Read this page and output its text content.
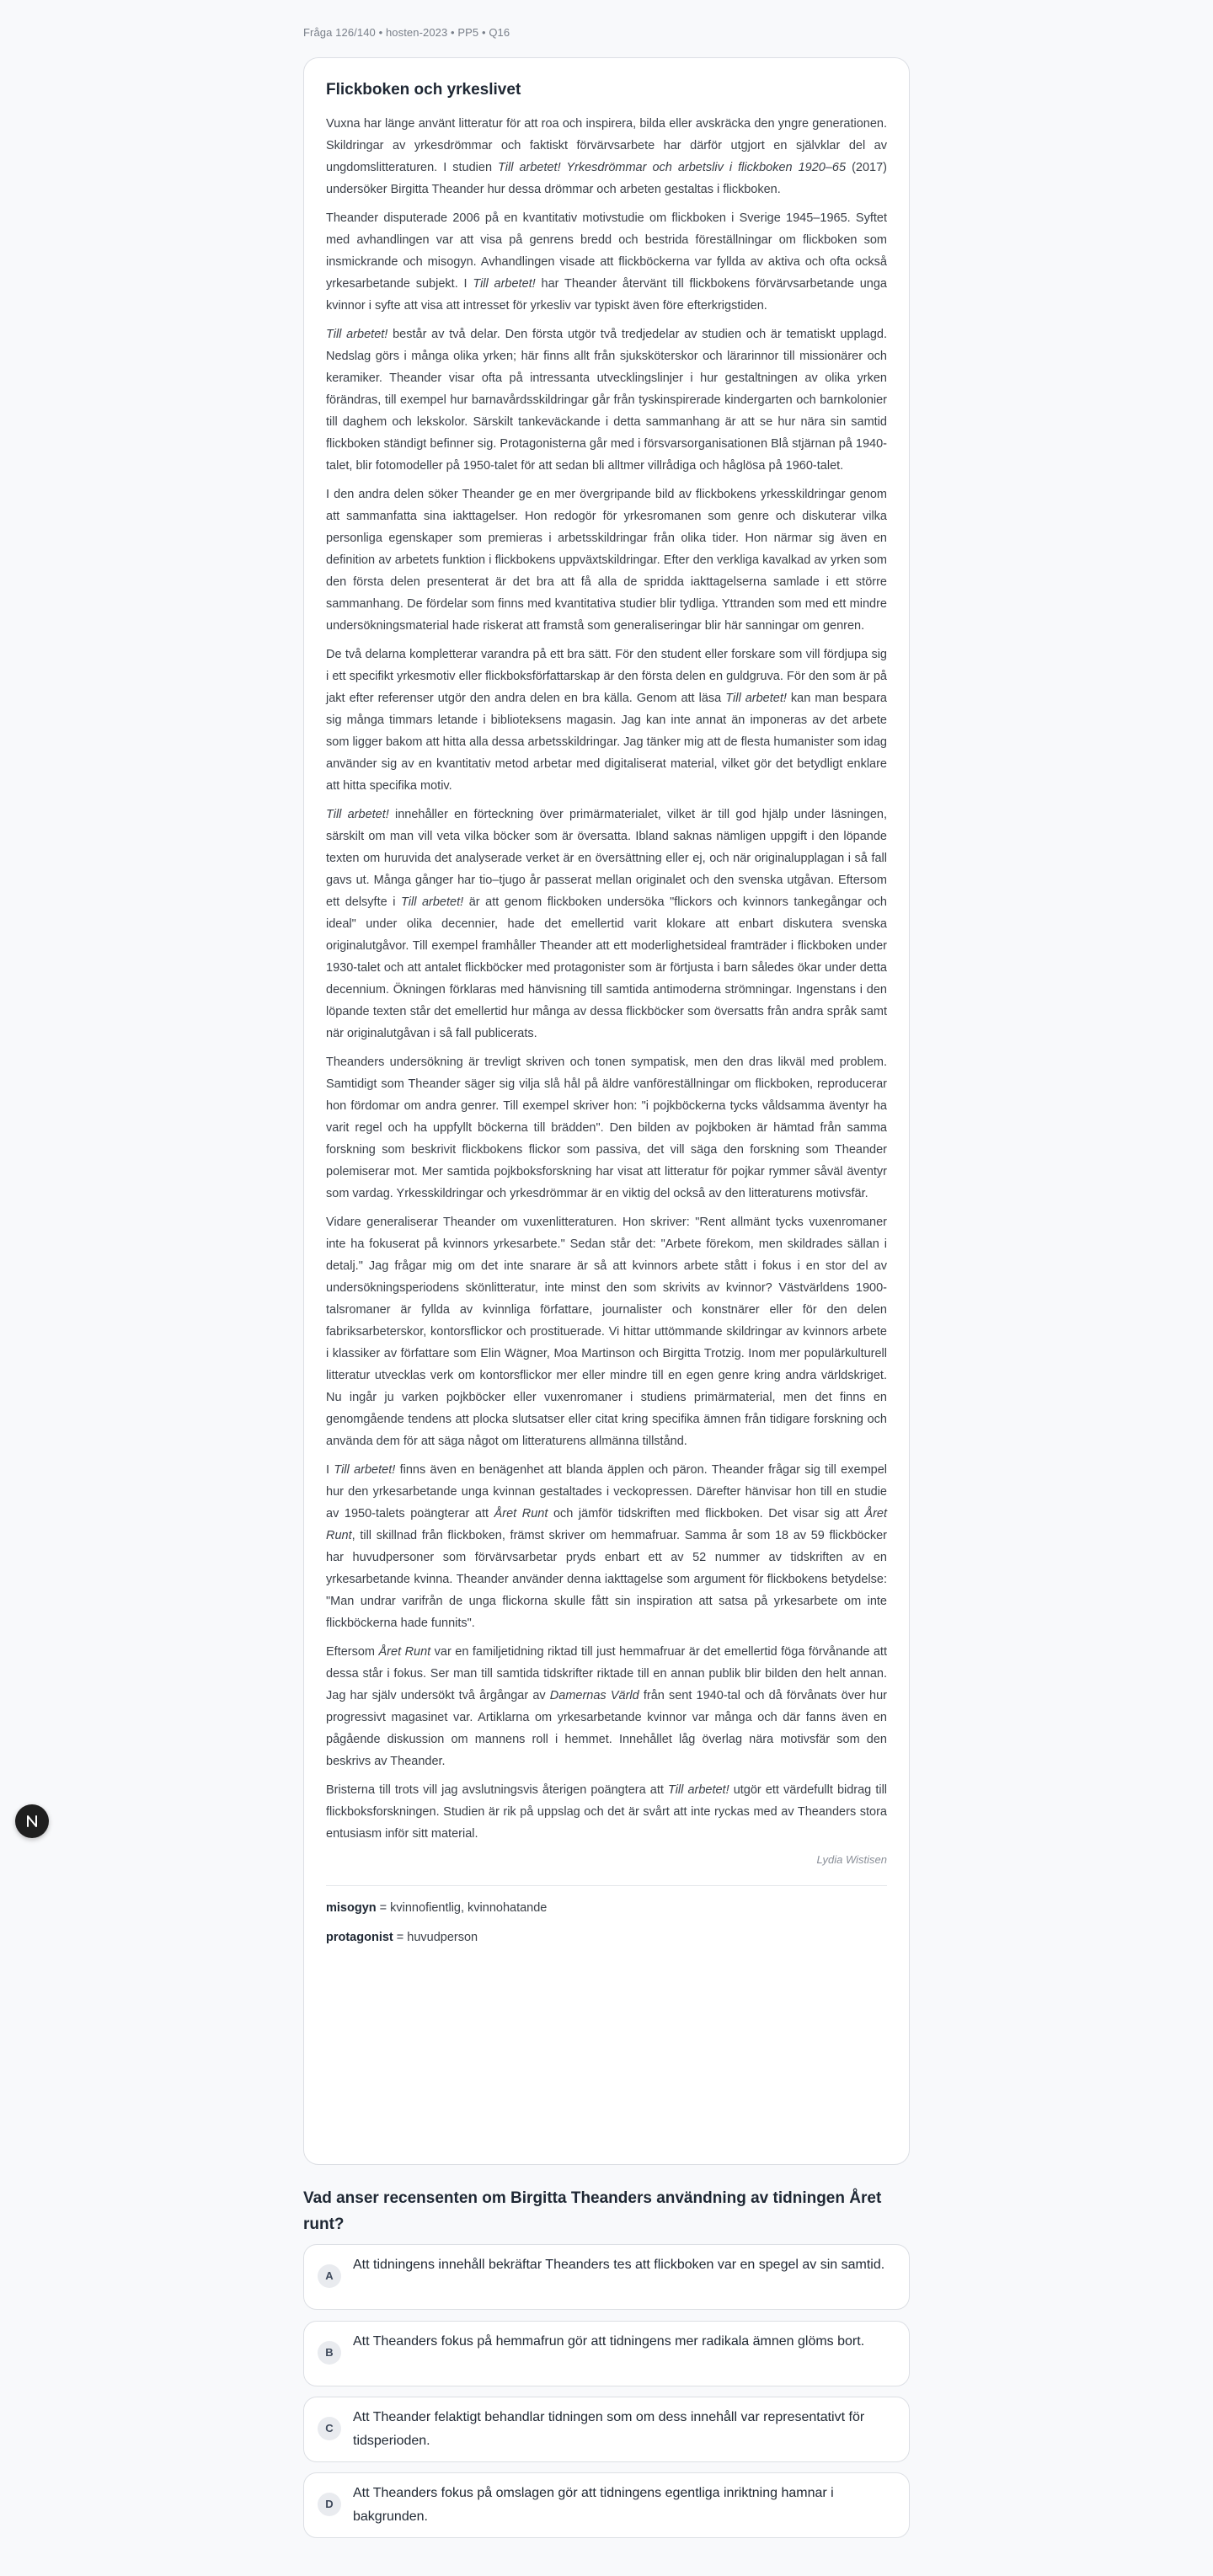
Fråga 126/140 • hosten-2023 • PP5 • Q16
Flickboken och yrkeslivet

Vuxna har länge använt litteratur för att roa och inspirera, bilda eller avskräcka den yngre generationen. Skildringar av yrkesdrömmar och faktiskt förvärvsarbete har därför utgjort en självklar del av ungdomslitteraturen. I studien Till arbetet! Yrkesdrömmar och arbetsliv i flickboken 1920–65 (2017) undersöker Birgitta Theander hur dessa drömmar och arbeten gestaltas i flickboken.

Theander disputerade 2006 på en kvantitativ motivstudie om flickboken i Sverige 1945–1965. Syftet med avhandlingen var att visa på genrens bredd och bestrida föreställningar om flickboken som insmickrande och misogyn. Avhandlingen visade att flickböckerna var fyllda av aktiva och ofta också yrkesarbetande subjekt. I Till arbetet! har Theander återvänt till flickbokens förvärvsarbetande unga kvinnor i syfte att visa att intresset för yrkesliv var typiskt även före efterkrigstiden.

Till arbetet! består av två delar. Den första utgör två tredjedelar av studien och är tematiskt upplagd. Nedslag görs i många olika yrken; här finns allt från sjuksköterskor och lärarinnor till missionärer och keramiker. Theander visar ofta på intressanta utvecklingslinjer i hur gestaltningen av olika yrken förändras, till exempel hur barnavårdsskildringar går från tyskinspirerade kindergarten och barnkolonier till daghem och lekskolor. Särskilt tankeväckande i detta sammanhang är att se hur nära sin samtid flickboken ständigt befinner sig. Protagonisterna går med i försvarsorganisationen Blå stjärnan på 1940-talet, blir fotomodeller på 1950-talet för att sedan bli alltmer villrådiga och håglösa på 1960-talet.

I den andra delen söker Theander ge en mer övergripande bild av flickbokens yrkesskildringar genom att sammanfatta sina iakttagelser. Hon redogör för yrkesromanen som genre och diskuterar vilka personliga egenskaper som premieras i arbetsskildringar från olika tider. Hon närmar sig även en definition av arbetets funktion i flickbokens uppväxtskildringar. Efter den verkliga kavalkad av yrken som den första delen presenterat är det bra att få alla de spridda iakttagelserna samlade i ett större sammanhang. De fördelar som finns med kvantitativa studier blir tydliga. Yttranden som med ett mindre undersökningsmaterial hade riskerat att framstå som generaliseringar blir här sanningar om genren.

De två delarna kompletterar varandra på ett bra sätt. För den student eller forskare som vill fördjupa sig i ett specifikt yrkesmotiv eller flickboksförfattarskap är den första delen en guldgruva. För den som är på jakt efter referenser utgör den andra delen en bra källa. Genom att läsa Till arbetet! kan man bespara sig många timmars letande i biblioteksens magasin. Jag kan inte annat än imponeras av det arbete som ligger bakom att hitta alla dessa arbetsskildringar. Jag tänker mig att de flesta humanister som idag använder sig av en kvantitativ metod arbetar med digitaliserat material, vilket gör det betydligt enklare att hitta specifika motiv.

Till arbetet! innehåller en förteckning över primärmaterialet, vilket är till god hjälp under läsningen, särskilt om man vill veta vilka böcker som är översatta. Ibland saknas nämligen uppgift i den löpande texten om huruvida det analyserade verket är en översättning eller ej, och när originalupplagan i så fall gavs ut. Många gånger har tio–tjugo år passerat mellan originalet och den svenska utgåvan. Eftersom ett delsyfte i Till arbetet! är att genom flickboken undersöka "flickors och kvinnors tankegångar och ideal" under olika decennier, hade det emellertid varit klokare att enbart diskutera svenska originalutgåvor. Till exempel framhåller Theander att ett moderlighetsideal framträder i flickboken under 1930-talet och att antalet flickböcker med protagonister som är förtjusta i barn således ökar under detta decennium. Ökningen förklaras med hänvisning till samtida antimoderna strömningar. Ingenstans i den löpande texten står det emellertid hur många av dessa flickböcker som översatts från andra språk samt när originalutgåvan i så fall publicerats.

Theanders undersökning är trevligt skriven och tonen sympatisk, men den dras likväl med problem. Samtidigt som Theander säger sig vilja slå hål på äldre vanföreställningar om flickboken, reproducerar hon fördomar om andra genrer. Till exempel skriver hon: "i pojkböckerna tycks våldsamma äventyr ha varit regel och ha uppfyllt böckerna till brädden". Den bilden av pojkboken är hämtad från samma forskning som beskrivit flickbokens flickor som passiva, det vill säga den forskning som Theander polemiserar mot. Mer samtida pojkboksforskning har visat att litteratur för pojkar rymmer såväl äventyr som vardag. Yrkesskildringar och yrkesdrömmar är en viktig del också av den litteraturens motivsfär.

Vidare generaliserar Theander om vuxenlitteraturen. Hon skriver: "Rent allmänt tycks vuxenromaner inte ha fokuserat på kvinnors yrkesarbete." Sedan står det: "Arbete förekom, men skildrades sällan i detalj." Jag frågar mig om det inte snarare är så att kvinnors arbete stått i fokus i en stor del av undersökningsperiodens skönlitteratur, inte minst den som skrivits av kvinnor? Västvärldens 1900-talsromaner är fyllda av kvinnliga författare, journalister och konstnärer eller för den delen fabriksarbeterskor, kontorsflickor och prostituerade. Vi hittar uttömmande skildringar av kvinnors arbete i klassiker av författare som Elin Wägner, Moa Martinson och Birgitta Trotzig. Inom mer populärkulturell litteratur utvecklas verk om kontorsflickor mer eller mindre till en egen genre kring andra världskriget. Nu ingår ju varken pojkböcker eller vuxenromaner i studiens primärmaterial, men det finns en genomgående tendens att plocka slutsatser eller citat kring specifika ämnen från tidigare forskning och använda dem för att säga något om litteraturens allmänna tillstånd.

I Till arbetet! finns även en benägenhet att blanda äpplen och päron. Theander frågar sig till exempel hur den yrkesarbetande unga kvinnan gestaltades i veckopressen. Därefter hänvisar hon till en studie av 1950-talets poängterar att Året Runt och jämför tidskriften med flickboken. Det visar sig att Året Runt, till skillnad från flickboken, främst skriver om hemmafruar. Samma år som 18 av 59 flickböcker har huvudpersoner som förvärvsarbetar pryds enbart ett av 52 nummer av tidskriften av en yrkesarbetande kvinna. Theander använder denna iakttagelse som argument för flickbokens betydelse: "Man undrar varifrån de unga flickorna skulle fått sin inspiration att satsa på yrkesarbete om inte flickböckerna hade funnits".

Eftersom Året Runt var en familjetidning riktad till just hemmafruar är det emellertid föga förvånande att dessa står i fokus. Ser man till samtida tidskrifter riktade till en annan publik blir bilden den helt annan. Jag har själv undersökt två årgångar av Damernas Värld från sent 1940-tal och då förvånats över hur progressivt magasinet var. Artiklarna om yrkesarbetande kvinnor var många och där fanns även en pågående diskussion om mannens roll i hemmet. Innehållet låg överlag nära motivsfär som den beskrivs av Theander.

Bristerna till trots vill jag avslutningsvis återigen poängtera att Till arbetet! utgör ett värdefullt bidrag till flickboksforskningen. Studien är rik på uppslag och det är svårt att inte ryckas med av Theanders stora entusiasm inför sitt material.

Lydia Wistisen
misogyn = kvinnofientlig, kvinnohatande
protagonist = huvudperson
Vad anser recensenten om Birgitta Theanders användning av tidningen Året runt?
A
Att tidningens innehåll bekräftar Theanders tes att flickboken var en spegel av sin samtid.
B
Att Theanders fokus på hemmafrun gör att tidningens mer radikala ämnen glöms bort.
C
Att Theander felaktigt behandlar tidningen som om dess innehåll var representativt för tidsperioden.
D
Att Theanders fokus på omslagen gör att tidningens egentliga inriktning hamnar i bakgrunden.
